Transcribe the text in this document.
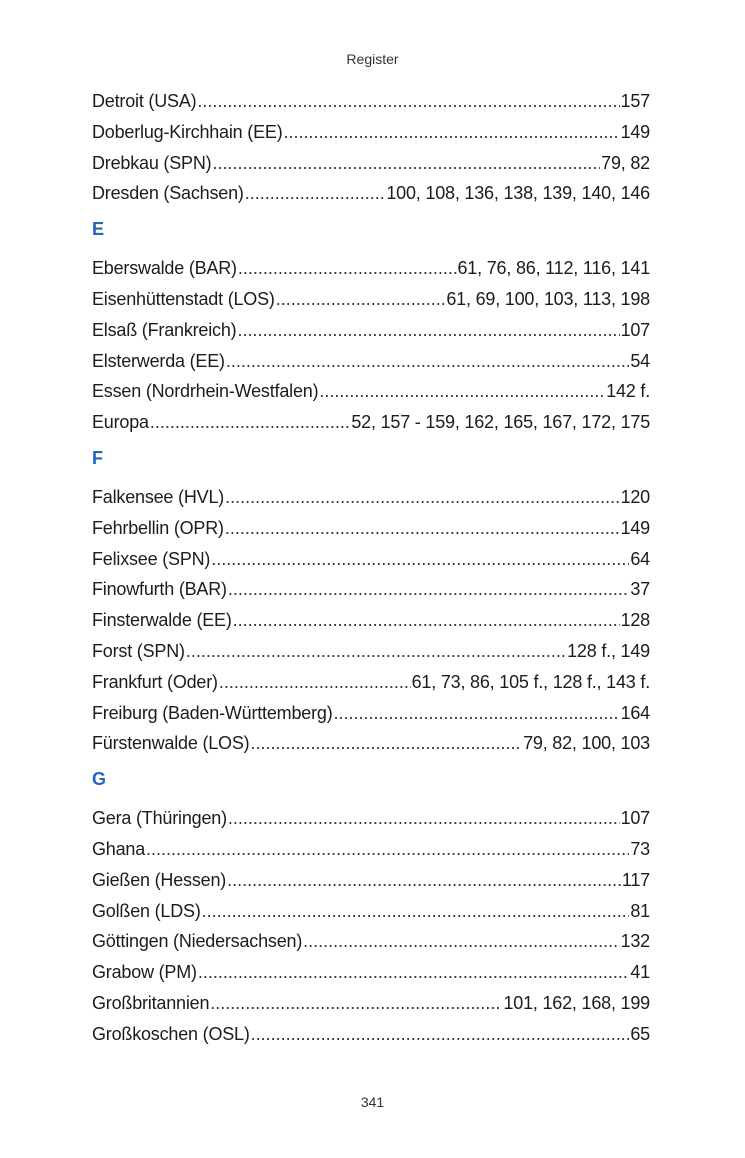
Register
Detroit (USA) .....	157
Doberlug-Kirchhain (EE) .....	149
Drebkau (SPN) .....	79, 82
Dresden (Sachsen) .....	100, 108, 136, 138, 139, 140, 146
E
Eberswalde (BAR) .....	61, 76, 86, 112, 116, 141
Eisenhüttenstadt (LOS) .....	61, 69, 100, 103, 113, 198
Elsaß (Frankreich) .....	107
Elsterwerda (EE) .....	54
Essen (Nordrhein-Westfalen) .....	142 f.
Europa .....	52, 157 - 159, 162, 165, 167, 172, 175
F
Falkensee (HVL) .....	120
Fehrbellin (OPR) .....	149
Felixsee (SPN) .....	64
Finowfurth (BAR) .....	37
Finsterwalde (EE) .....	128
Forst (SPN) .....	128 f., 149
Frankfurt (Oder) .....	61, 73, 86, 105 f., 128 f., 143 f.
Freiburg (Baden-Württemberg) .....	164
Fürstenwalde (LOS) .....	79, 82, 100, 103
G
Gera (Thüringen) .....	107
Ghana .....	73
Gießen (Hessen) .....	117
Golßen (LDS) .....	81
Göttingen (Niedersachsen) .....	132
Grabow (PM) .....	41
Großbritannien .....	101, 162, 168, 199
Großkoschen (OSL) .....	65
341
